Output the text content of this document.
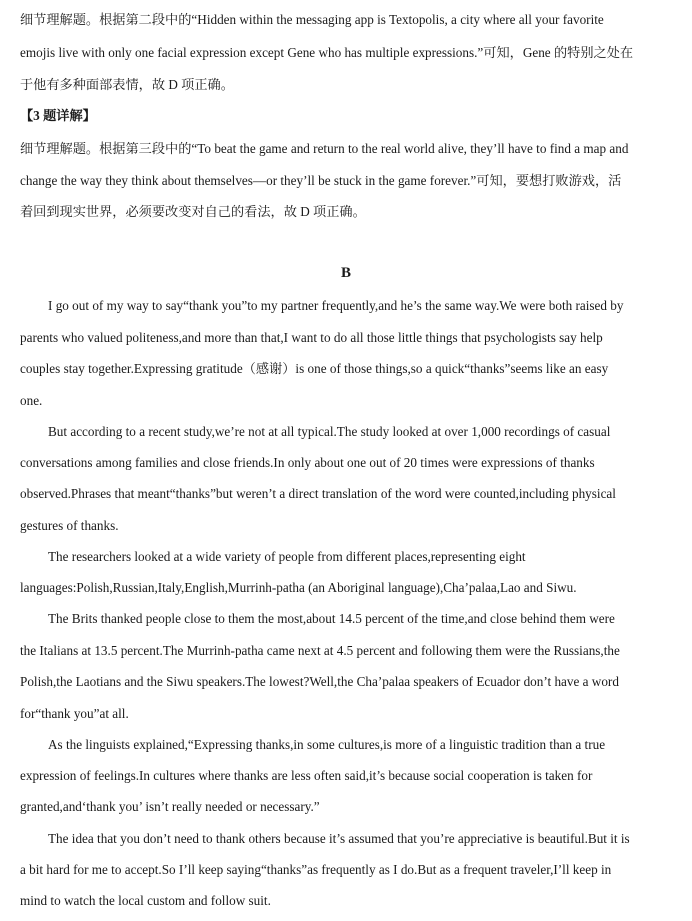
细节理解题。根据第二段中的“Hidden within the messaging app is Textopolis, a city where all your favorite
emojis live with only one facial expression except Gene who has multiple expressions.”可知，Gene 的特别之处在
于他有多种面部表情，故 D 项正确。
【3 题详解】
细节理解题。根据第三段中的“To beat the game and return to the real world alive, they’ll have to find a map and
change the way they think about themselves—or they’ll be stuck in the game forever.”可知，要想打败游戏，活
着回到现实世界，必须要改变对自己的看法，故 D 项正确。
B
I go out of my way to say“thank you”to my partner frequently,and he’s the same way.We were both raised by
parents who valued politeness,and more than that,I want to do all those little things that psychologists say help
couples stay together.Expressing gratitude（感谢）is one of those things,so a quick“thanks”seems like an easy
one.
But according to a recent study,we’re not at all typical.The study looked at over 1,000 recordings of casual
conversations among families and close friends.In only about one out of 20 times were expressions of thanks
observed.Phrases that meant“thanks”but weren’t a direct translation of the word were counted,including physical
gestures of thanks.
The researchers looked at a wide variety of people from different places,representing eight
languages:Polish,Russian,Italy,English,Murrinh-patha (an Aboriginal language),Cha’palaa,Lao and Siwu.
The Brits thanked people close to them the most,about 14.5 percent of the time,and close behind them were
the Italians at 13.5 percent.The Murrinh-patha came next at 4.5 percent and following them were the Russians,the
Polish,the Laotians and the Siwu speakers.The lowest?Well,the Cha’palaa speakers of Ecuador don’t have a word
for“thank you”at all.
As the linguists explained,“Expressing thanks,in some cultures,is more of a linguistic tradition than a true
expression of feelings.In cultures where thanks are less often said,it’s because social cooperation is taken for
granted,and‘thank you’ isn’t really needed or necessary.”
The idea that you don’t need to thank others because it’s assumed that you’re appreciative is beautiful.But it is
a bit hard for me to accept.So I’ll keep saying“thanks”as frequently as I do.But as a frequent traveler,I’ll keep in
mind to watch the local custom and follow suit.
